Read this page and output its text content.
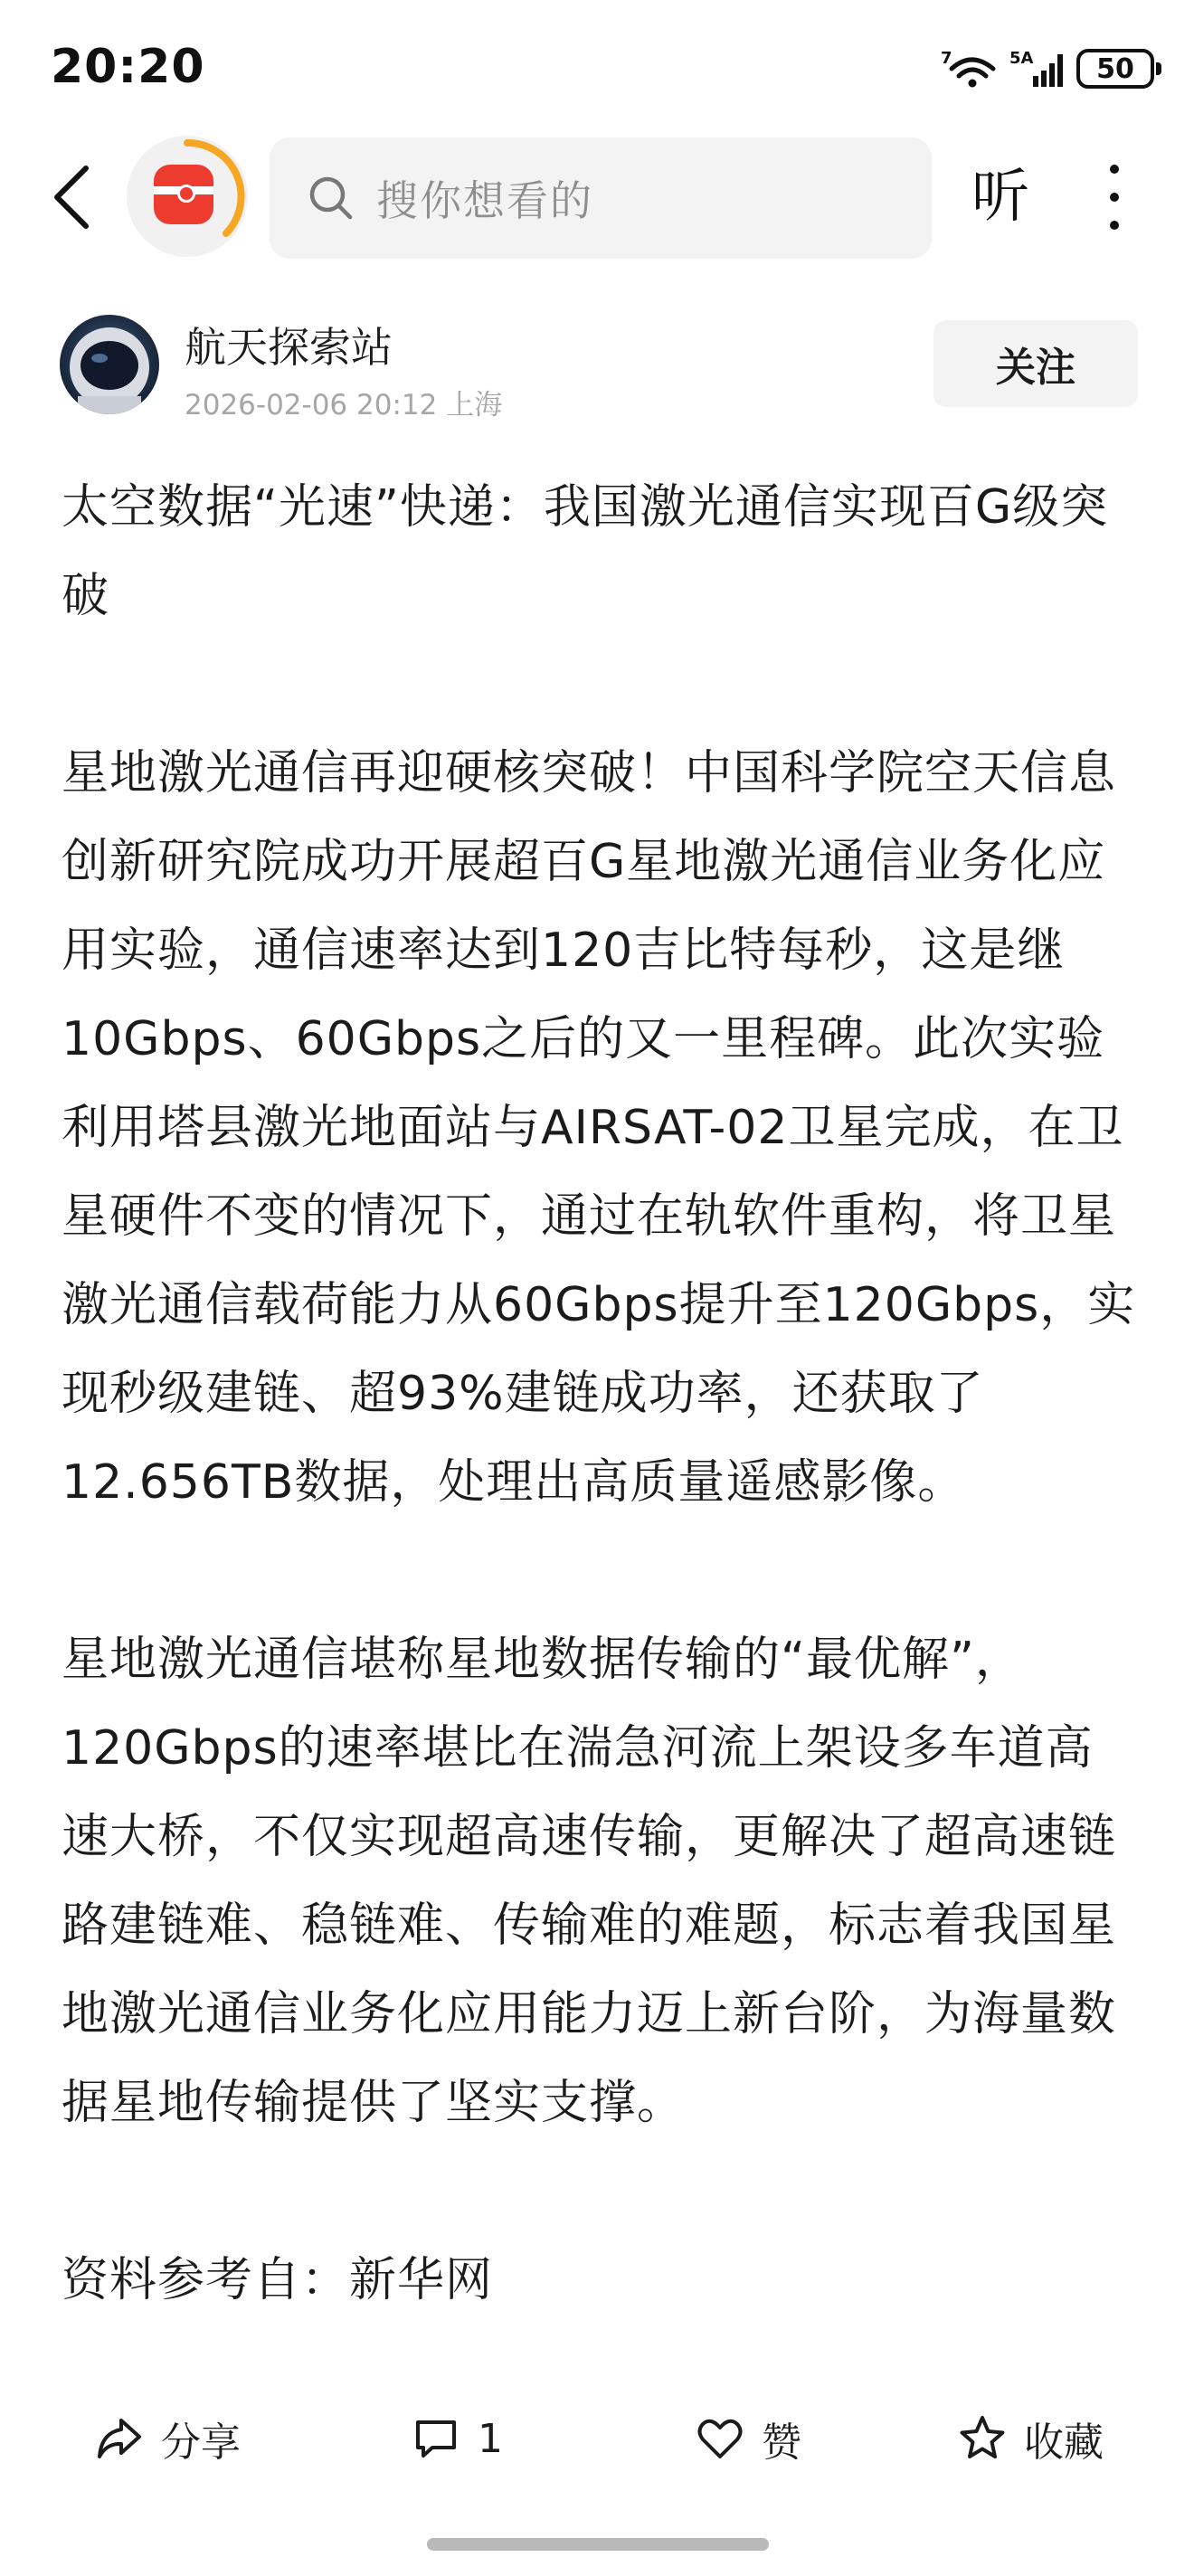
20:20	7	5A 50
搜你想看的	听
航天探索站
2026-02-06 20:12 上海
关注

太空数据“光速”快递：我国激光通信实现百G级突破

星地激光通信再迎硬核突破！中国科学院空天信息创新研究院成功开展超百G星地激光通信业务化应用实验，通信速率达到120吉比特每秒，这是继10Gbps、60Gbps之后的又一里程碑。此次实验利用塔县激光地面站与AIRSAT-02卫星完成，在卫星硬件不变的情况下，通过在轨软件重构，将卫星激光通信载荷能力从60Gbps提升至120Gbps，实现秒级建链、超93%建链成功率，还获取了12.656TB数据，处理出高质量遥感影像。

星地激光通信堪称星地数据传输的“最优解”，120Gbps的速率堪比在湍急河流上架设多车道高速大桥，不仅实现超高速传输，更解决了超高速链路建链难、稳链难、传输难的难题，标志着我国星地激光通信业务化应用能力迈上新台阶，为海量数据星地传输提供了坚实支撑。

资料参考自：新华网

分享	1	赞	收藏
